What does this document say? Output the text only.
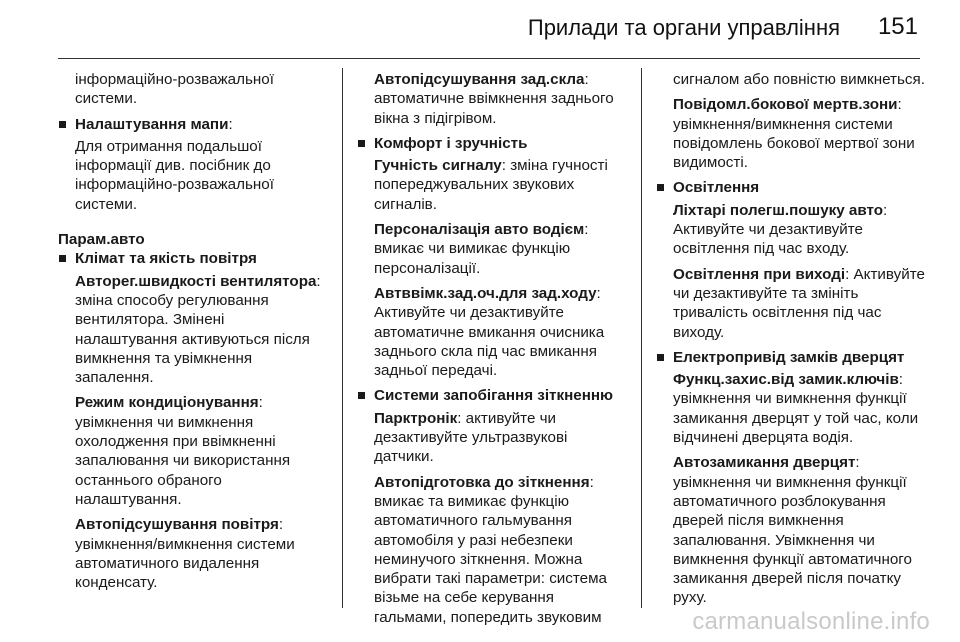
Прилади та органи управління 151

інформаційно-розважальної системи.

Налаштування мапи:

Для отримання подальшої інформації див. посібник до інформаційно-розважальної системи.

Парам.авто

Клімат та якість повітря

Авторег.швидкості вентилятора: зміна способу регулювання вентилятора. Змінені налаштування активуються після вимкнення та увімкнення запалення.

Режим кондиціонування: увімкнення чи вимкнення охолодження при ввімкненні запалювання чи використання останнього обраного налаштування.

Автопідсушування повітря: увімкнення/вимкнення системи автоматичного видалення конденсату.

Автопідсушування зад.скла: автоматичне ввімкнення заднього вікна з підігрівом.

Комфорт і зручність

Гучність сигналу: зміна гучності попереджувальних звукових сигналів.

Персоналізація авто водієм: вмикає чи вимикає функцію персоналізації.

Автввімк.зад.оч.для зад.ходу: Активуйте чи дезактивуйте автоматичне вмикання очисника заднього скла під час вмикання задньої передачі.

Системи запобігання зіткненню

Парктронік: активуйте чи дезактивуйте ультразвукові датчики.

Автопідготовка до зіткнення: вмикає та вимикає функцію автоматичного гальмування автомобіля у разі небезпеки неминучого зіткнення. Можна вибрати такі параметри: система візьме на себе керування гальмами, попередить звуковим

сигналом або повністю вимкнеться.

Повідомл.бокової мертв.зони: увімкнення/вимкнення системи повідомлень бокової мертвої зони видимості.

Освітлення

Ліхтарі полегш.пошуку авто: Активуйте чи дезактивуйте освітлення під час входу.

Освітлення при виході: Активуйте чи дезактивуйте та змініть тривалість освітлення під час виходу.

Електропривід замків дверцят

Функц.захис.від замик.ключів: увімкнення чи вимкнення функції замикання дверцят у той час, коли відчинені дверцята водія.

Автозамикання дверцят: увімкнення чи вимкнення функції автоматичного розблокування дверей після вимкнення запалювання. Увімкнення чи вимкнення функції автоматичного замикання дверей після початку руху.

carmanualsonline.info
